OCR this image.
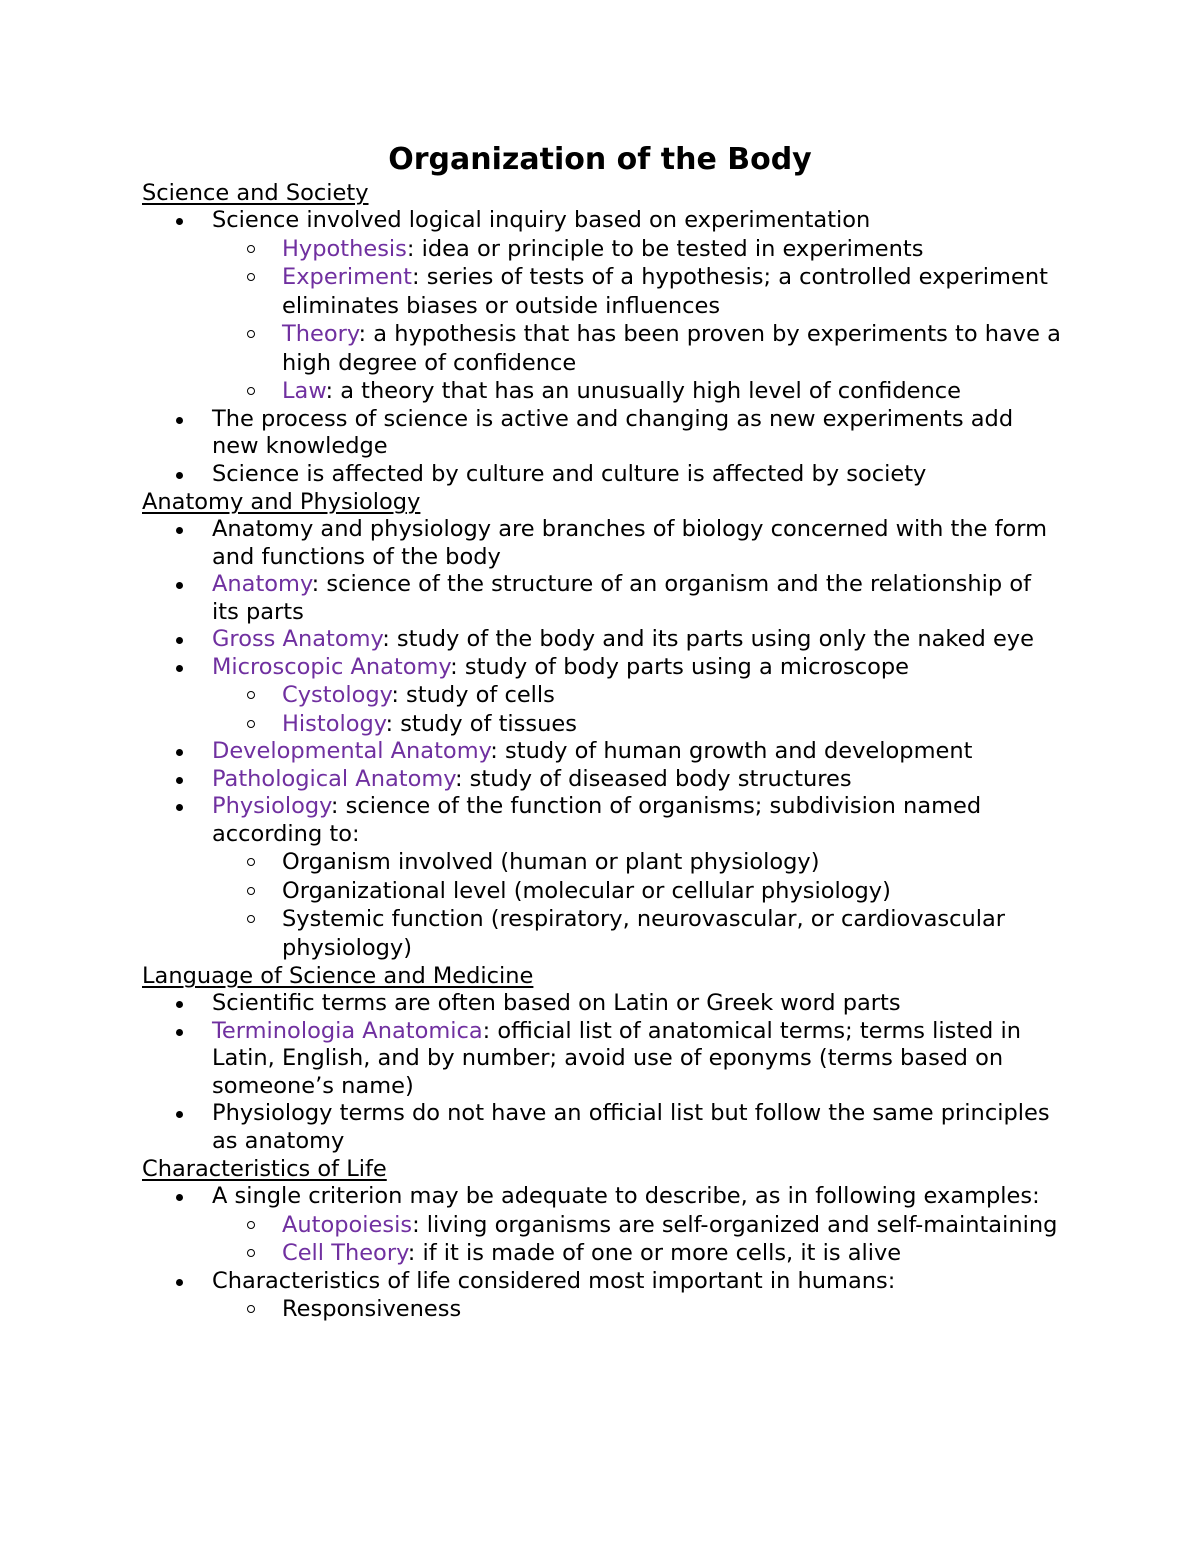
Organization of the Body
Science and Society
Science involved logical inquiry based on experimentation
Hypothesis: idea or principle to be tested in experiments
Experiment: series of tests of a hypothesis; a controlled experiment eliminates biases or outside influences
Theory: a hypothesis that has been proven by experiments to have a high degree of confidence
Law: a theory that has an unusually high level of confidence
The process of science is active and changing as new experiments add new knowledge
Science is affected by culture and culture is affected by society
Anatomy and Physiology
Anatomy and physiology are branches of biology concerned with the form and functions of the body
Anatomy: science of the structure of an organism and the relationship of its parts
Gross Anatomy: study of the body and its parts using only the naked eye
Microscopic Anatomy: study of body parts using a microscope
Cystology: study of cells
Histology: study of tissues
Developmental Anatomy: study of human growth and development
Pathological Anatomy: study of diseased body structures
Physiology: science of the function of organisms; subdivision named according to:
Organism involved (human or plant physiology)
Organizational level (molecular or cellular physiology)
Systemic function (respiratory, neurovascular, or cardiovascular physiology)
Language of Science and Medicine
Scientific terms are often based on Latin or Greek word parts
Terminologia Anatomica: official list of anatomical terms; terms listed in Latin, English, and by number; avoid use of eponyms (terms based on someone’s name)
Physiology terms do not have an official list but follow the same principles as anatomy
Characteristics of Life
A single criterion may be adequate to describe, as in following examples:
Autopoiesis: living organisms are self-organized and self-maintaining
Cell Theory: if it is made of one or more cells, it is alive
Characteristics of life considered most important in humans:
Responsiveness
